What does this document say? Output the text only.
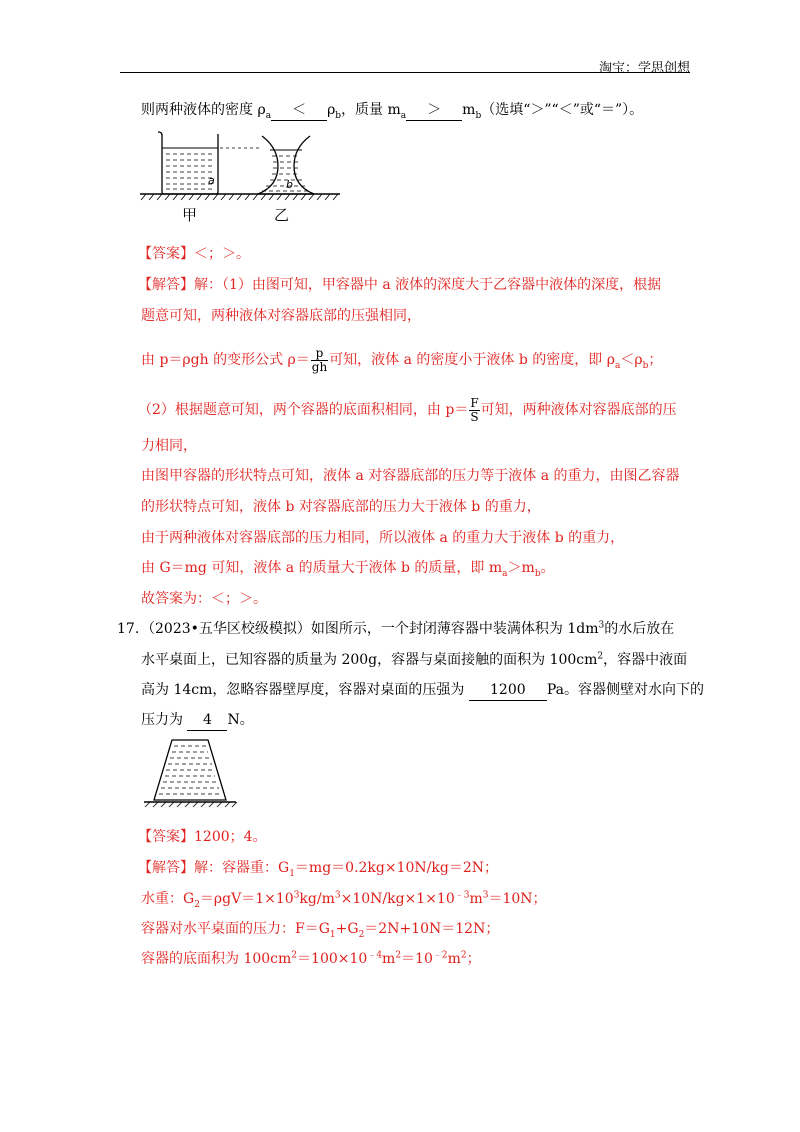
淘宝：学思创想
则两种液体的密度 $\rho_a < \rho_b$，质量 $m_a > m_b$（选填“＞”“＜”或“＝”）。
a	b
甲	乙
【答案】＜；＞。
【解答】解：（1）由图可知，甲容器中 a 液体的深度大于乙容器中液体的深度，根据
题意可知，两种液体对容器底部的压强相同，
由 p＝ρgh 的变形公式 $\rho= \frac{p}{gh}$ 可知，液体 a 的密度小于液体 b 的密度，即 $\rho_a<\rho_b$；
（2）根据题意可知，两个容器的底面积相同，由 $p= \frac{F}{S}$ 可知，两种液体对容器底部的压
力相同，
由图甲容器的形状特点可知，液体 a 对容器底部的压力等于液体 a 的重力，由图乙容器
的形状特点可知，液体 b 对容器底部的压力大于液体 b 的重力，
由于两种液体对容器底部的压力相同，所以液体 a 的重力大于液体 b 的重力，
由 G＝mg 可知，液体 a 的质量大于液体 b 的质量，即 $m_a>m_b$。
故答案为：＜；＞。
17. （2023•五华区校级模拟）如图所示，一个封闭薄容器中装满体积为 $1dm^3$的水后放在
水平桌面上，已知容器的质量为 200g，容器与桌面接触的面积为 $100cm^2$，容器中液面
高为 14cm，忽略容器壁厚度，容器对桌面的压强为 1200 Pa。容器侧壁对水向下的
压力为 4 N。
【答案】1200；4。
【解答】解：容器重：$G_1=mg=0.2kg\times 10N/kg=2N$；
水重：$G_2=\rho gV=1\times 10^3kg/m^3\times 10N/kg\times 1\times 10^{﹣3}m^3=10N$；
容器对水平桌面的压力：$F=G_1+G_2=2N+10N=12N$；
容器的底面积为 $100cm^2=100\times 10^{﹣4}m^2=10^{﹣2}m^2$；
